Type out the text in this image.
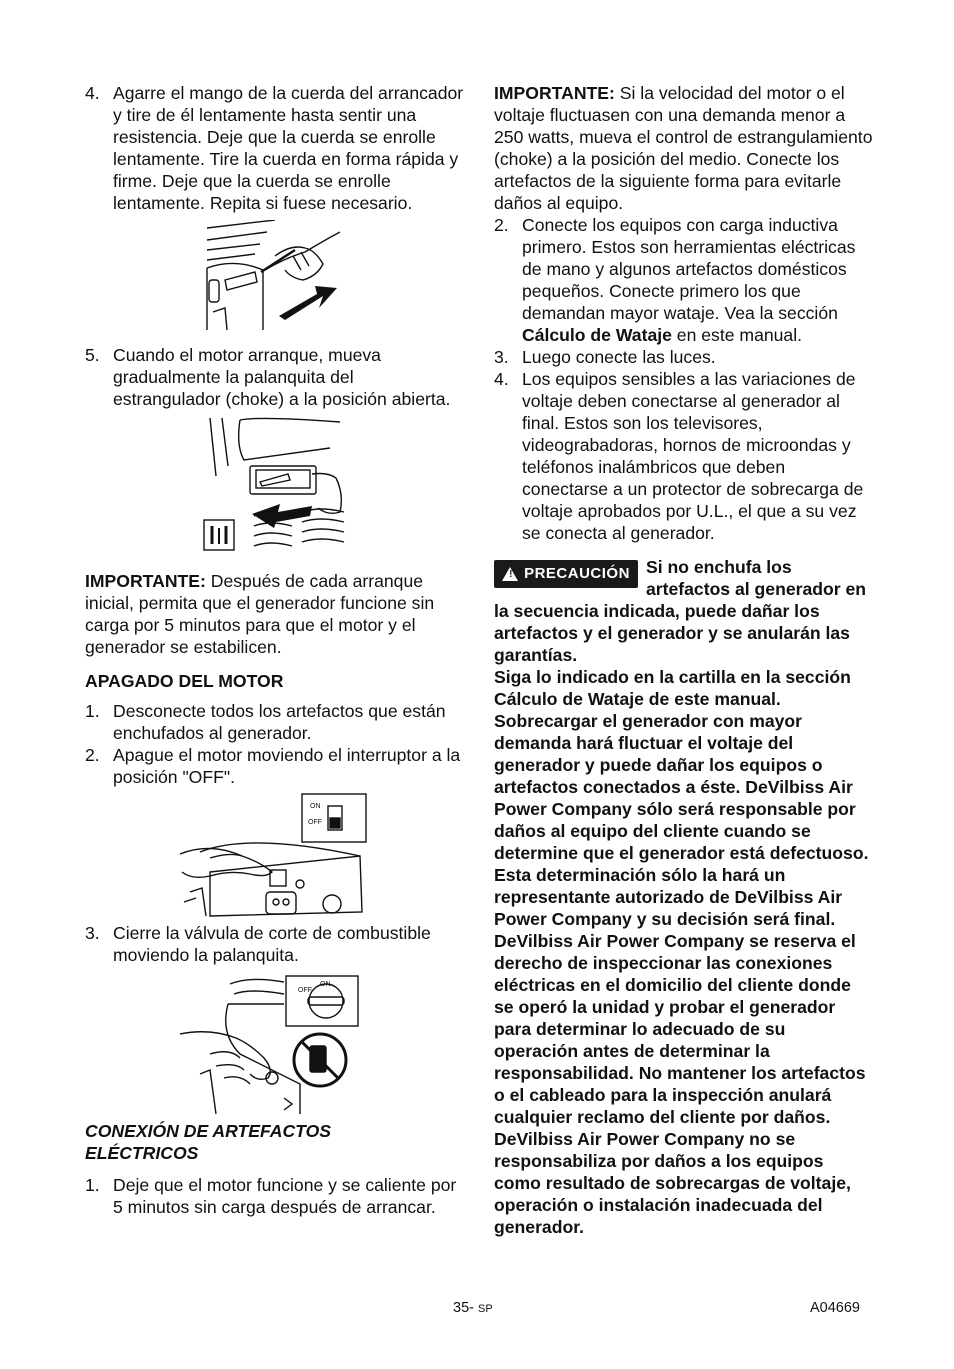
4. Agarre el mango de la cuerda del arrancador y tire de él lentamente hasta sentir una resistencia. Deje que la cuerda se enrolle lentamente. Tire la cuerda en forma rápida y firme. Deje que la cuerda se enrolle lentamente. Repita si fuese necesario.

5. Cuando el motor arranque, mueva gradualmente la palanquita del estrangulador (choke) a la posición abierta.

IMPORTANTE: Después de cada arranque inicial, permita que el generador funcione sin carga por 5 minutos para que el motor y el generador se estabilicen.

APAGADO DEL MOTOR

1. Desconecte todos los artefactos que están enchufados al generador.

2. Apague el motor moviendo el interruptor a la posición "OFF".

ON
OFF
3. Cierre la válvula de corte de combustible moviendo la palanquita.

OFF
ON

CONEXIÓN DE ARTEFACTOS ELÉCTRICOS

1. Deje que el motor funcione y se caliente por 5 minutos sin carga después de arrancar.

IMPORTANTE: Si la velocidad del motor o el voltaje fluctuasen con una demanda menor a 250 watts, mueva el control de estrangulamiento (choke) a la posición del medio. Conecte los artefactos de la siguiente forma para evitarle daños al equipo.

2. Conecte los equipos con carga inductiva primero. Estos son herramientas eléctricas de mano y algunos artefactos domésticos pequeños. Conecte primero los que demandan mayor wataje. Vea la sección Cálculo de Wataje en este manual.

3. Luego conecte las luces.

4. Los equipos sensibles a las variaciones de voltaje deben conectarse al generador al final. Estos son los televisores, videograbadoras, hornos de microondas y teléfonos inalámbricos que deben conectarse a un protector de sobrecarga de voltaje aprobados por U.L., el que a su vez se conecta al generador.

! PRECAUCIÓN Si no enchufa los artefactos al generador en la secuencia indicada, puede dañar los artefactos y el generador y se anularán las garantías.

Siga lo indicado en la cartilla en la sección Cálculo de Wataje de este manual. Sobrecargar el generador con mayor demanda hará fluctuar el voltaje del generador y puede dañar los equipos o artefactos conectados a éste. DeVilbiss Air Power Company sólo será responsable por daños al equipo del cliente cuando se determine que el generador está defectuoso. Esta determinación sólo la hará un representante autorizado de DeVilbiss Air Power Company y su decisión será final. DeVilbiss Air Power Company se reserva el derecho de inspeccionar las conexiones eléctricas en el domicilio del cliente donde se operó la unidad y probar el generador para determinar lo adecuado de su operación antes de determinar la responsabilidad. No mantener los artefactos o el cableado para la inspección anulará cualquier reclamo del cliente por daños. DeVilbiss Air Power Company no se responsabiliza por daños a los equipos como resultado de sobrecargas de voltaje, operación o instalación inadecuada del generador.

35- SP	A04669
